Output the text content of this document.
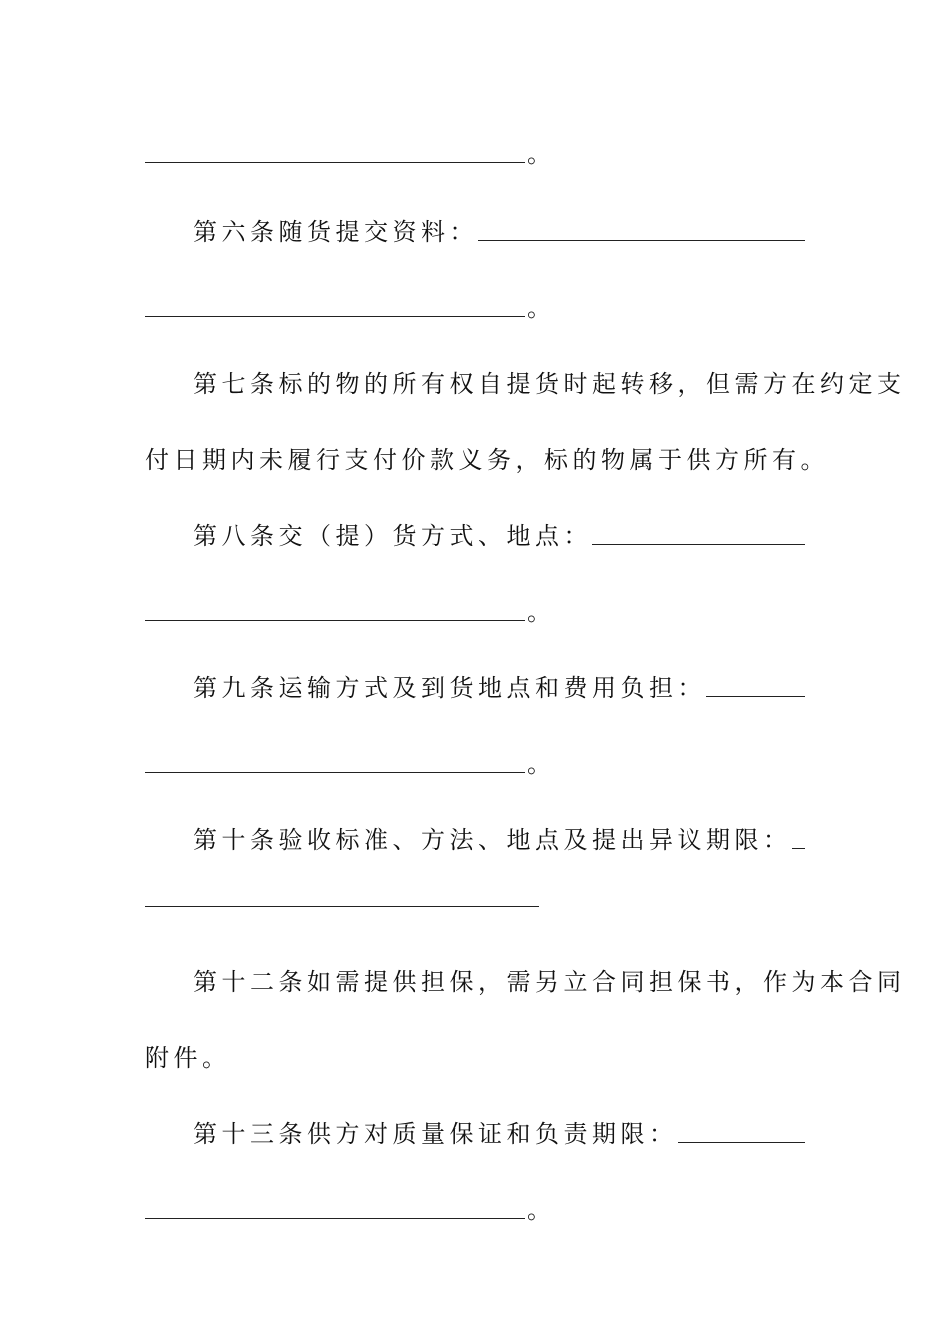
。
第六条随货提交资料：
。
第七条标的物的所有权自提货时起转移，但需方在约定支
付日期内未履行支付价款义务，标的物属于供方所有。
第八条交（提）货方式、地点：
。
第九条运输方式及到货地点和费用负担：
。
第十条验收标准、方法、地点及提出异议期限：
第十二条如需提供担保，需另立合同担保书，作为本合同
附件。
第十三条供方对质量保证和负责期限：
。
